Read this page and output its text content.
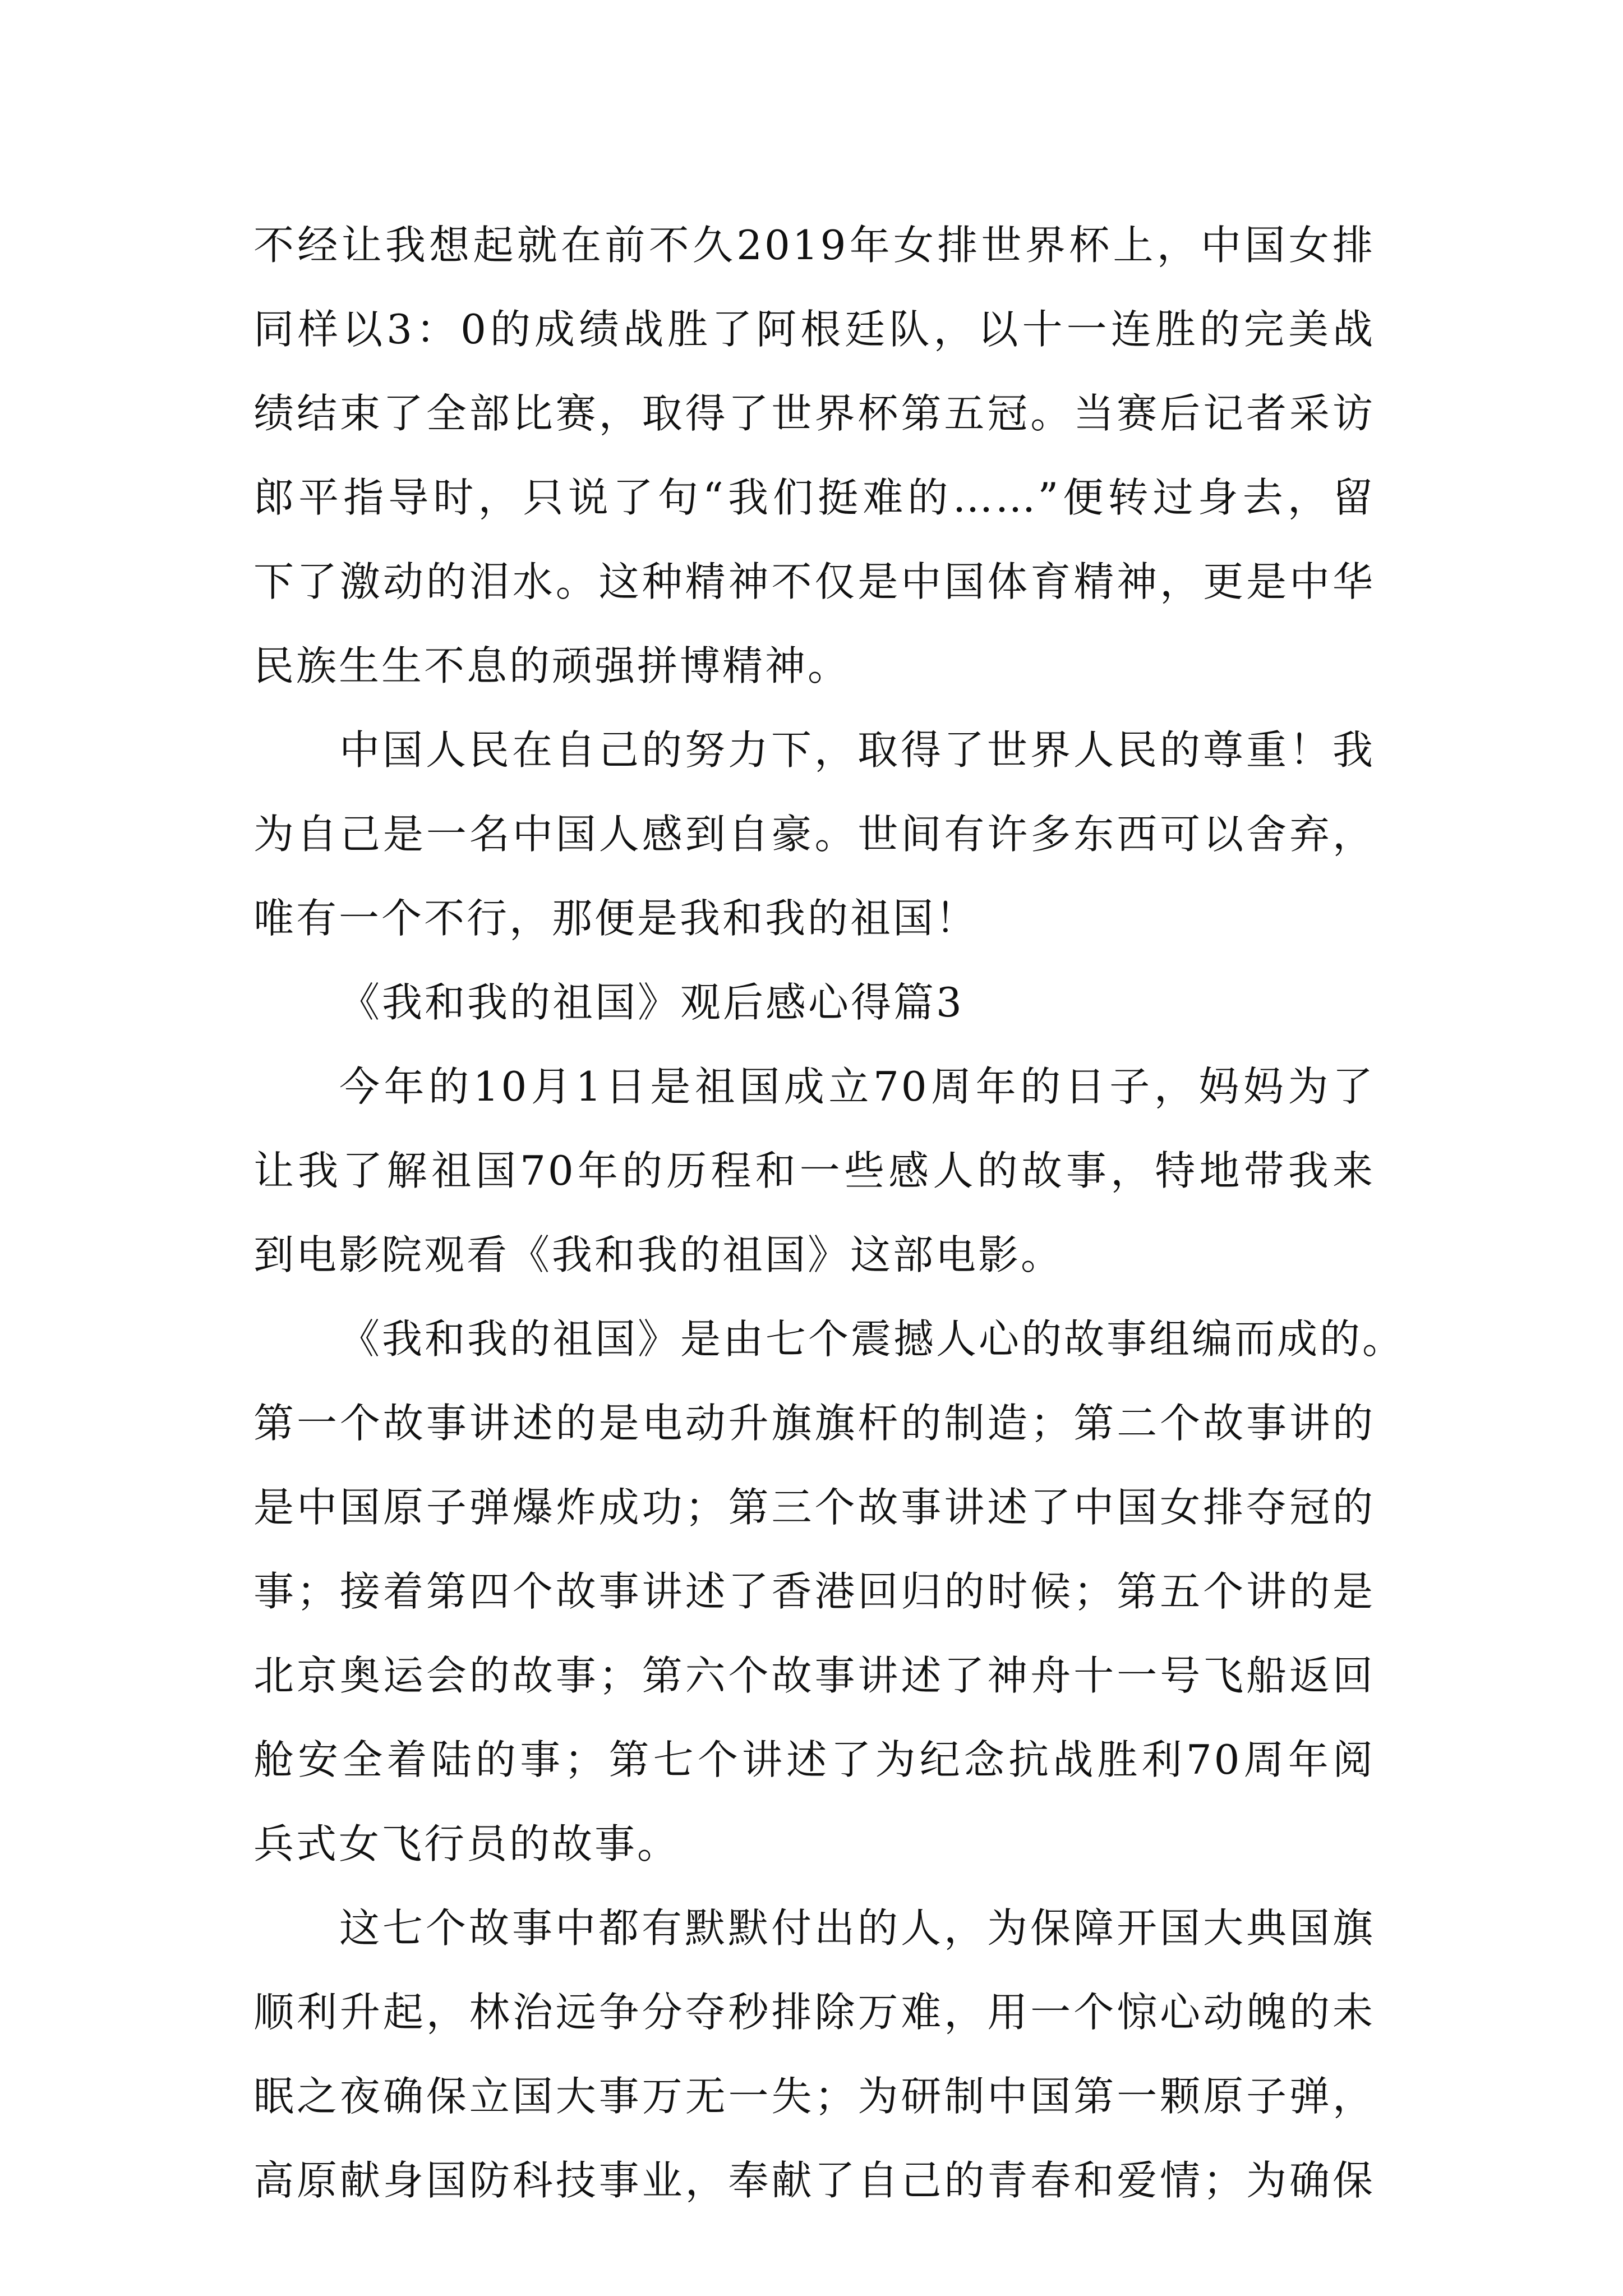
不经让我想起就在前不久2019年女排世界杯上，中国女排
同样以3：0的成绩战胜了阿根廷队，以十一连胜的完美战
绩结束了全部比赛，取得了世界杯第五冠。当赛后记者采访
郎平指导时，只说了句“我们挺难的……”便转过身去，留
下了激动的泪水。这种精神不仅是中国体育精神，更是中华
民族生生不息的顽强拼博精神。
中国人民在自己的努力下，取得了世界人民的尊重！我
为自己是一名中国人感到自豪。世间有许多东西可以舍弃，
唯有一个不行，那便是我和我的祖国！
《我和我的祖国》观后感心得篇3
今年的10月1日是祖国成立70周年的日子，妈妈为了
让我了解祖国70年的历程和一些感人的故事，特地带我来
到电影院观看《我和我的祖国》这部电影。
《我和我的祖国》是由七个震撼人心的故事组编而成的。
第一个故事讲述的是电动升旗旗杆的制造；第二个故事讲的
是中国原子弹爆炸成功；第三个故事讲述了中国女排夺冠的
事；接着第四个故事讲述了香港回归的时候；第五个讲的是
北京奥运会的故事；第六个故事讲述了神舟十一号飞船返回
舱安全着陆的事；第七个讲述了为纪念抗战胜利70周年阅
兵式女飞行员的故事。
这七个故事中都有默默付出的人，为保障开国大典国旗
顺利升起，林治远争分夺秒排除万难，用一个惊心动魄的未
眠之夜确保立国大事万无一失；为研制中国第一颗原子弹，
高原献身国防科技事业，奉献了自己的青春和爱情；为确保
